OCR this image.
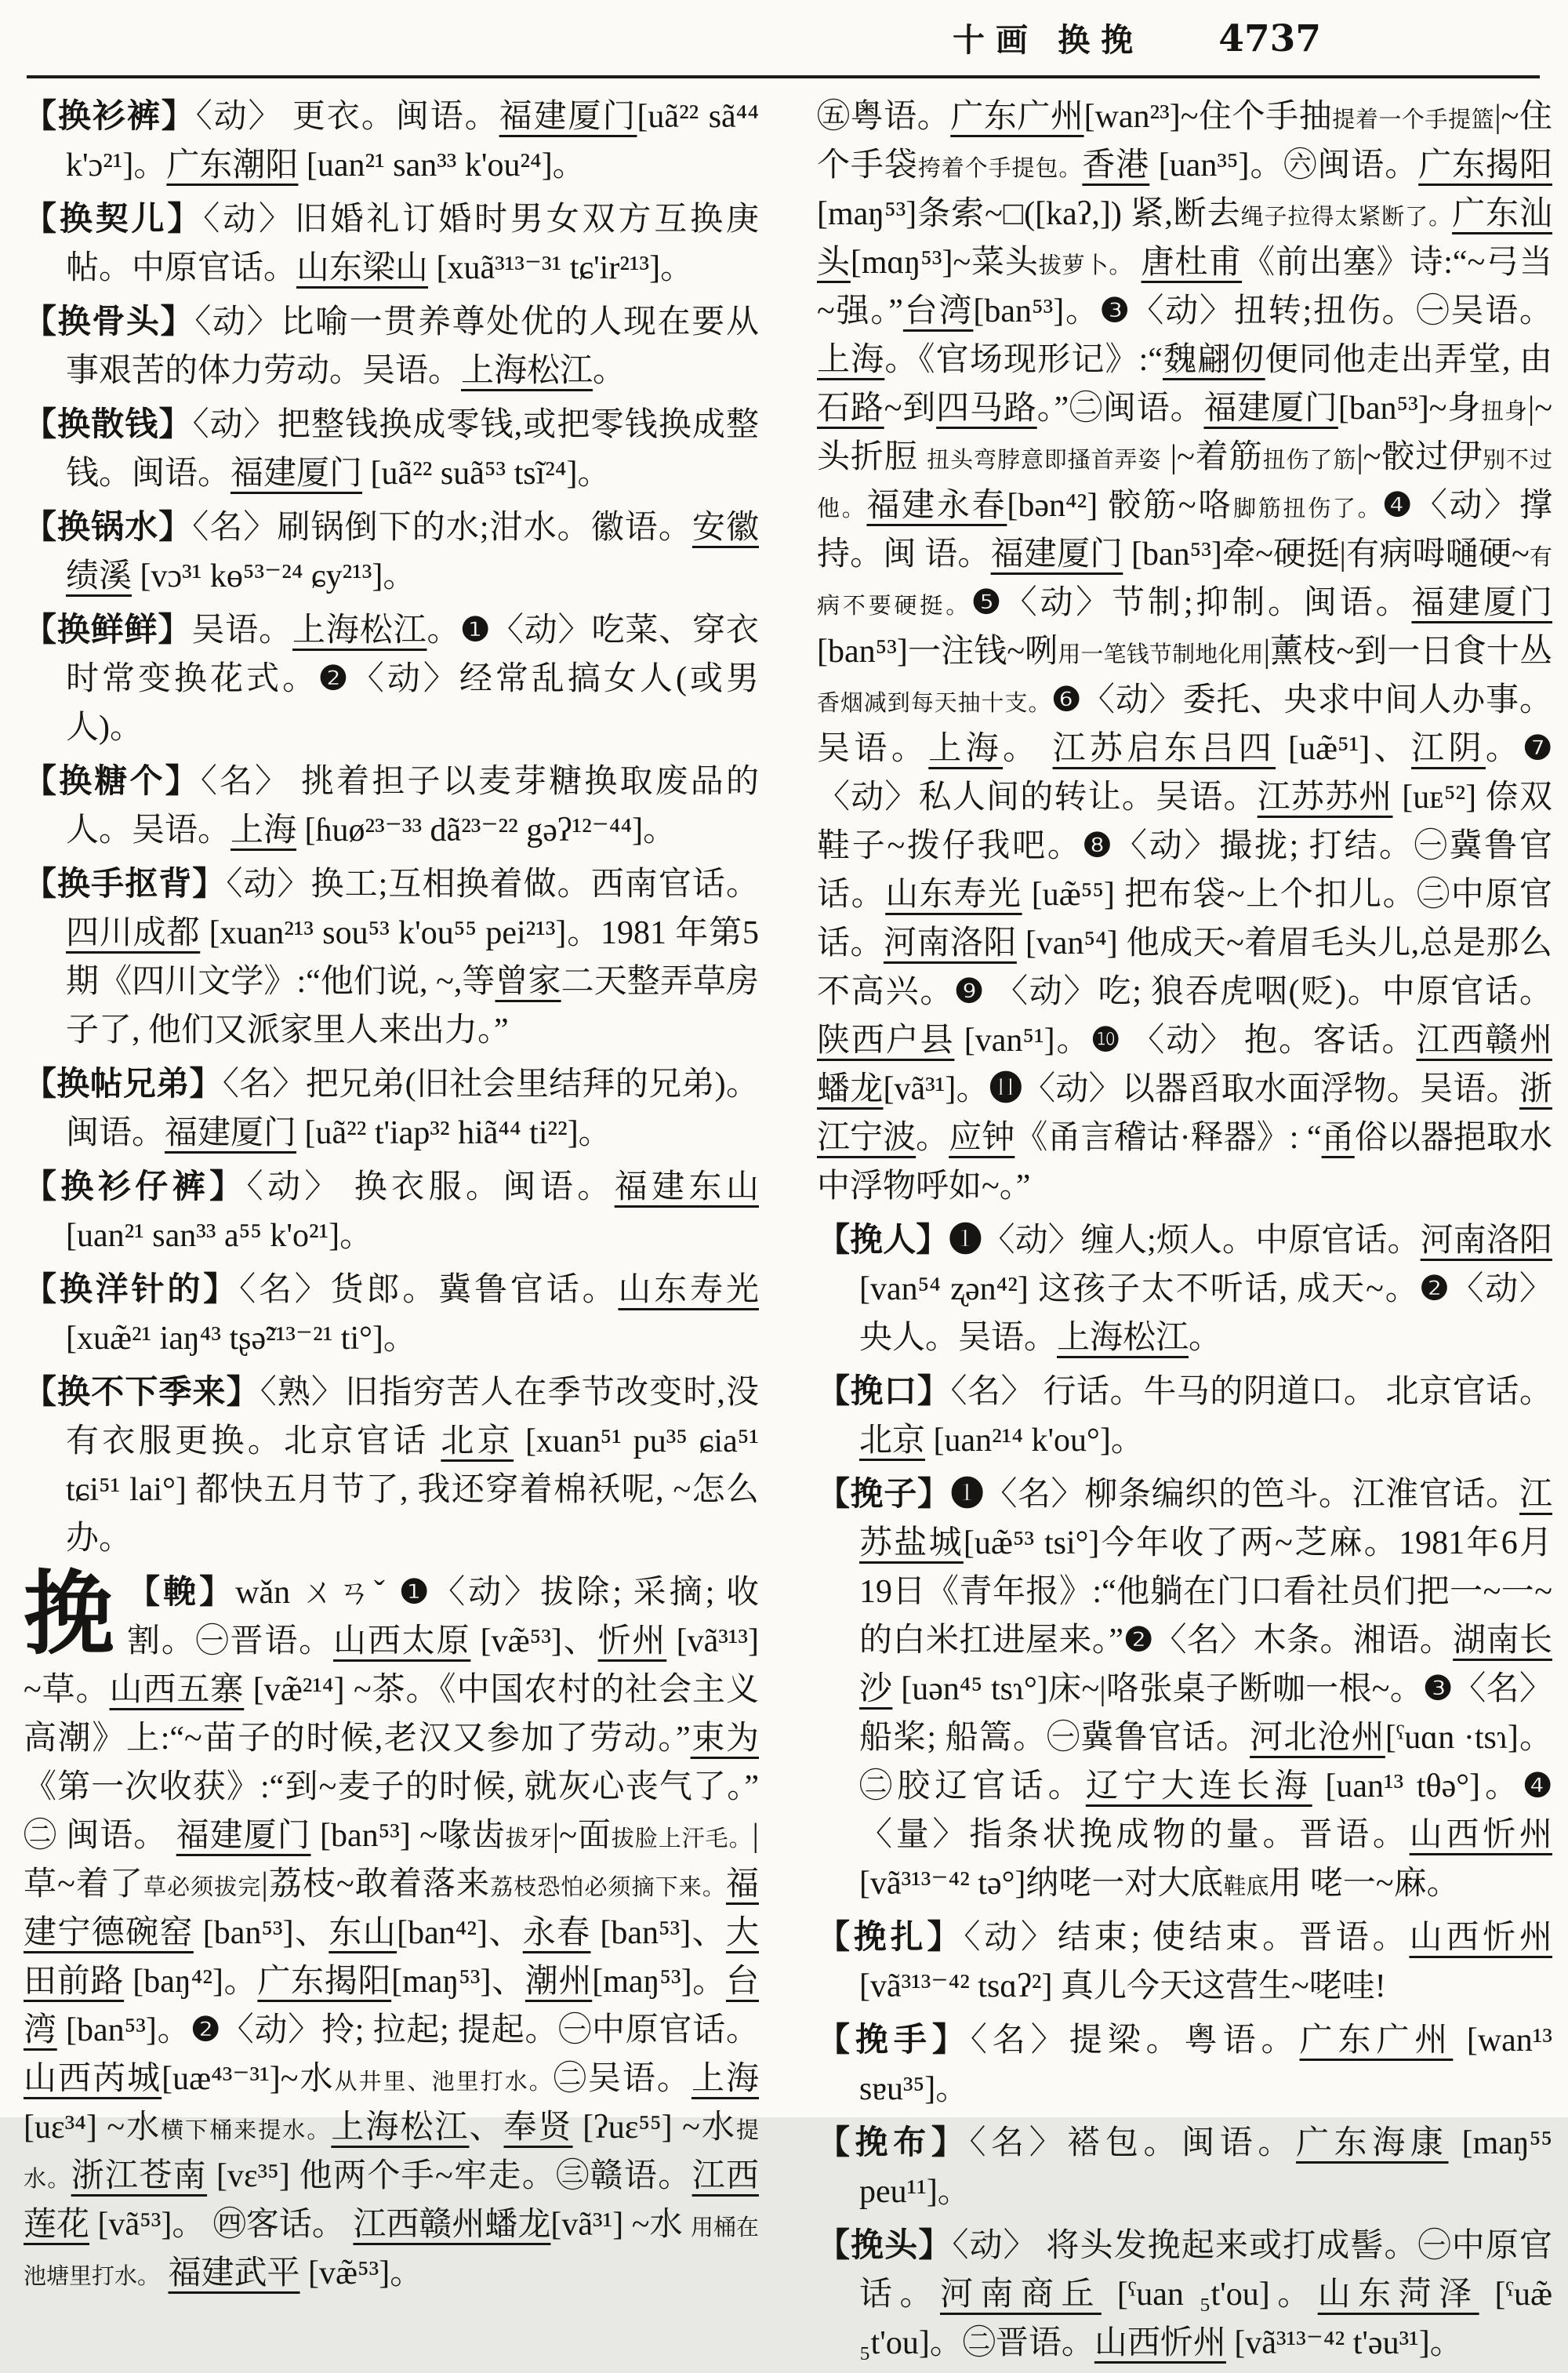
十画 换挽 4737

【换衫裤】〈动〉 更衣。闽语。福建厦门[uã²² sã⁴⁴ k'ɔ²¹]。广东潮阳 [uan²¹ san³³ k'ou²⁴]。

【换契儿】〈动〉旧婚礼订婚时男女双方互换庚帖。中原官话。山东梁山 [xuã³¹³⁻³¹ tɕ'ir²¹³]。

【换骨头】〈动〉比喻一贯养尊处优的人现在要从事艰苦的体力劳动。吴语。上海松江。

【换散钱】〈动〉把整钱换成零钱,或把零钱换成整钱。闽语。福建厦门 [uã²² suã⁵³ tsĩ²⁴]。

【换锅水】〈名〉刷锅倒下的水;泔水。徽语。安徽绩溪 [vɔ³¹ kɵ⁵³⁻²⁴ ɕy²¹³]。

【换鲜鲜】吴语。上海松江。❶〈动〉吃菜、穿衣时常变换花式。❷〈动〉经常乱搞女人(或男人)。

【换糖个】〈名〉 挑着担子以麦芽糖换取废品的人。吴语。上海 [ɦuø²³⁻³³ dã²³⁻²² gəʔ¹²⁻⁴⁴]。

【换手抠背】〈动〉换工;互相换着做。西南官话。四川成都 [xuan²¹³ sou⁵³ k'ou⁵⁵ pei²¹³]。1981 年第5期《四川文学》:“他们说, ~,等曾家二天整弄草房子了, 他们又派家里人来出力。”

【换帖兄弟】〈名〉把兄弟(旧社会里结拜的兄弟)。闽语。福建厦门 [uã²² t'iap³² hiã⁴⁴ ti²²]。

【换衫仔裤】〈动〉 换衣服。闽语。福建东山 [uan²¹ san³³ a⁵⁵ k'o²¹]。

【换洋针的】〈名〉货郎。冀鲁官话。山东寿光[xuæ̃²¹ iaŋ⁴³ tʂə̃²¹³⁻²¹ ti°]。

【换不下季来】〈熟〉旧指穷苦人在季节改变时,没有衣服更换。北京官话 北京 [xuan⁵¹ pu³⁵ ɕia⁵¹ tɕi⁵¹ lai°] 都快五月节了, 我还穿着棉袄呢, ~怎么办。

挽 【輓】wǎn ㄨㄢˇ ❶〈动〉拔除; 采摘; 收割。㊀晋语。山西太原 [væ̃⁵³]、忻州 [vã³¹³] ~草。山西五寨 [væ̃²¹⁴] ~茶。《中国农村的社会主义高潮》上:“~苗子的时候,老汉又参加了劳动。”束为《第一次收获》:“到~麦子的时候, 就灰心丧气了。” ㊁ 闽语。 福建厦门 [ban⁵³] ~喙齿拔牙|~面拔脸上汗毛。|草~着了草必须拔完|荔枝~敢着落来荔枝恐怕必须摘下来。福建宁德碗窑 [ban⁵³]、东山[ban⁴²]、永春 [ban⁵³]、大田前路 [baŋ⁴²]。广东揭阳[maŋ⁵³]、潮州[maŋ⁵³]。台湾 [ban⁵³]。❷〈动〉拎; 拉起; 提起。㊀中原官话。山西芮城[uæ⁴³⁻³¹]~水从井里、池里打水。㊁吴语。上海[uɛ³⁴] ~水横下桶来提水。上海松江、奉贤 [ʔuɛ⁵⁵] ~水提水。浙江苍南 [vɛ³⁵] 他两个手~牢走。㊂赣语。江西莲花 [vã⁵³]。 ㊃客话。 江西赣州蟠龙[vã³¹] ~水 用桶在池塘里打水。 福建武平 [væ̃⁵³]。

㊄粤语。广东广州[wan²³]~住个手抽提着一个手提篮|~住个手袋挎着个手提包。香港 [uan³⁵]。㊅闽语。广东揭阳[maŋ⁵³]条索~□([kaʔ,]) 紧,断去绳子拉得太紧断了。广东汕头[mɑŋ⁵³]~菜头拔萝卜。 唐杜甫《前出塞》诗:“~弓当~强。”台湾[ban⁵³]。❸〈动〉扭转;扭伤。㊀吴语。上海。《官场现形记》:“魏翩仞便同他走出弄堂, 由 石路~到四马路。”㊁闽语。福建厦门[ban⁵³]~身扭身|~头折脰 扭头弯脖意即搔首弄姿 |~着筋扭伤了筋|~骹过伊别不过他。福建永春[bən⁴²] 骹筋~咯脚筋扭伤了。❹〈动〉撑持。闽 语。福建厦门 [ban⁵³]牵~硬挺|有病呣嗵硬~有病不要硬挺。❺〈动〉节制;抑制。闽语。福建厦门[ban⁵³]一注钱~咧用一笔钱节制地化用|薰枝~到一日食十丛香烟减到每天抽十支。❻〈动〉委托、央求中间人办事。吴语。上海。 江苏启东吕四 [uæ̃⁵¹]、江阴。❼〈动〉私人间的转让。吴语。江苏苏州 [uᴇ⁵²] 倷双鞋子~拨仔我吧。❽〈动〉撮拢; 打结。㊀冀鲁官话。山东寿光 [uæ̃⁵⁵] 把布袋~上个扣儿。㊁中原官话。河南洛阳 [van⁵⁴] 他成天~着眉毛头儿,总是那么不高兴。❾ 〈动〉吃; 狼吞虎咽(贬)。中原官话。陕西户县 [van⁵¹]。❿ 〈动〉 抱。客话。江西赣州蟠龙[vã³¹]。⓫〈动〉以器舀取水面浮物。吴语。浙江宁波。应钟《甬言稽诂·释器》: “甬俗以器挹取水中浮物呼如~。”

【挽人】❶〈动〉缠人;烦人。中原官话。河南洛阳[van⁵⁴ ʐən⁴²] 这孩子太不听话, 成天~。❷〈动〉央人。吴语。上海松江。

【挽口】〈名〉 行话。牛马的阴道口。 北京官话。 北京 [uan²¹⁴ k'ou°]。

【挽子】❶〈名〉柳条编织的笆斗。江淮官话。江苏盐城[uæ̃⁵³ tsi°]今年收了两~芝麻。1981年6月19日《青年报》:“他躺在门口看社员们把一~一~的白米扛进屋来。”❷〈名〉木条。湘语。湖南长沙 [uən⁴⁵ tsɿ°]床~|咯张桌子断咖一根~。❸〈名〉船桨; 船篙。㊀冀鲁官话。河北沧州[ˁuɑn ·tsɿ]。㊁胶辽官话。辽宁大连长海 [uan¹³ tθə°]。❹〈量〉指条状挽成物的量。晋语。山西忻州 [vã³¹³⁻⁴² tə°]纳咾一对大底鞋底用 咾一~麻。

【挽扎】〈动〉结束; 使结束。晋语。山西忻州 [vã³¹³⁻⁴² tsɑʔ²] 真儿今天这营生~咾哇!

【挽手】〈名〉提梁。粤语。广东广州 [wan¹³ sɐu³⁵]。

【挽布】〈名〉褡包。闽语。广东海康 [maŋ⁵⁵ peu¹¹]。

【挽头】〈动〉 将头发挽起来或打成髻。㊀中原官话。河南商丘 [ˁuan ₅t'ou]。山东菏泽 [ˁuæ̃ ₅t'ou]。㊁晋语。山西忻州 [vã³¹³⁻⁴² t'əu³¹]。
